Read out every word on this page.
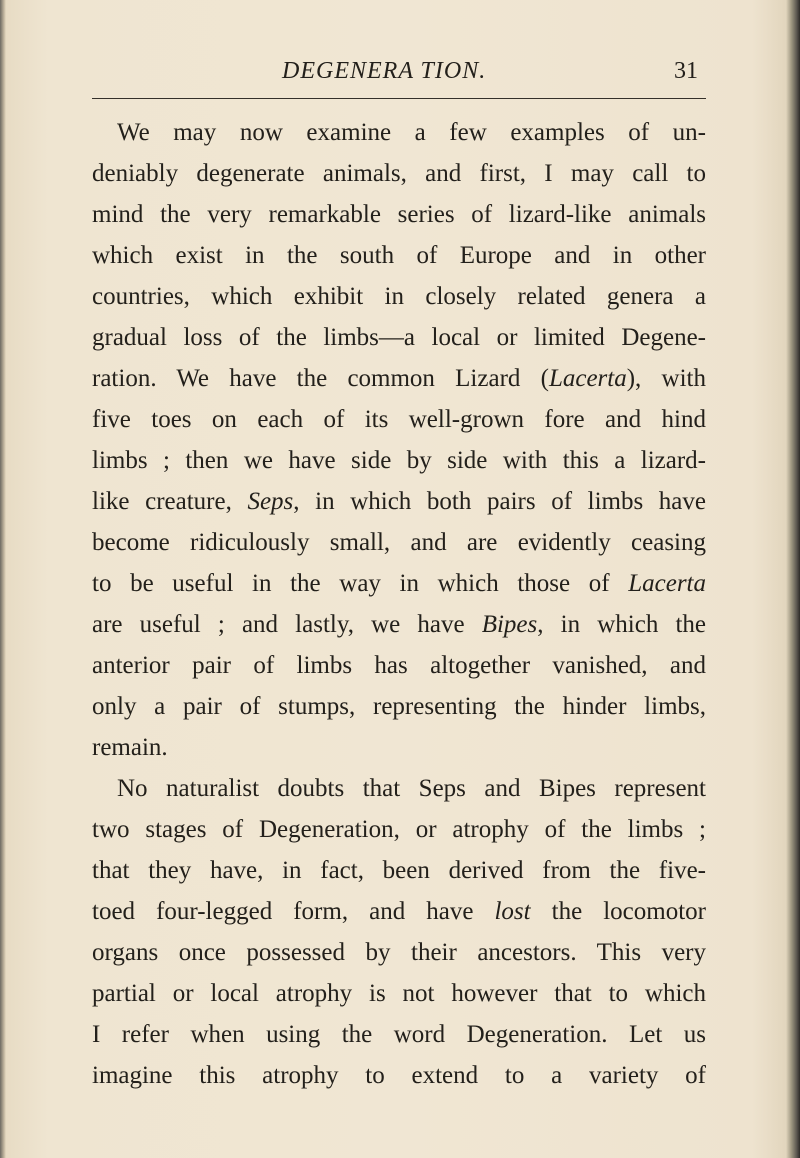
DEGENERA TION.	31
We may now examine a few examples of un-
deniably degenerate animals, and first, I may call to
mind the very remarkable series of lizard-like animals
which exist in the south of Europe and in other
countries, which exhibit in closely related genera a
gradual loss of the limbs—a local or limited Degene-
ration. We have the common Lizard (Lacerta), with
five toes on each of its well-grown fore and hind
limbs ; then we have side by side with this a lizard-
like creature, Seps, in which both pairs of limbs have
become ridiculously small, and are evidently ceasing
to be useful in the way in which those of Lacerta
are useful ; and lastly, we have Bipes, in which the
anterior pair of limbs has altogether vanished, and
only a pair of stumps, representing the hinder limbs,
remain.
No naturalist doubts that Seps and Bipes represent
two stages of Degeneration, or atrophy of the limbs ;
that they have, in fact, been derived from the five-
toed four-legged form, and have lost the locomotor
organs once possessed by their ancestors. This very
partial or local atrophy is not however that to which
I refer when using the word Degeneration. Let us
imagine this atrophy to extend to a variety of
